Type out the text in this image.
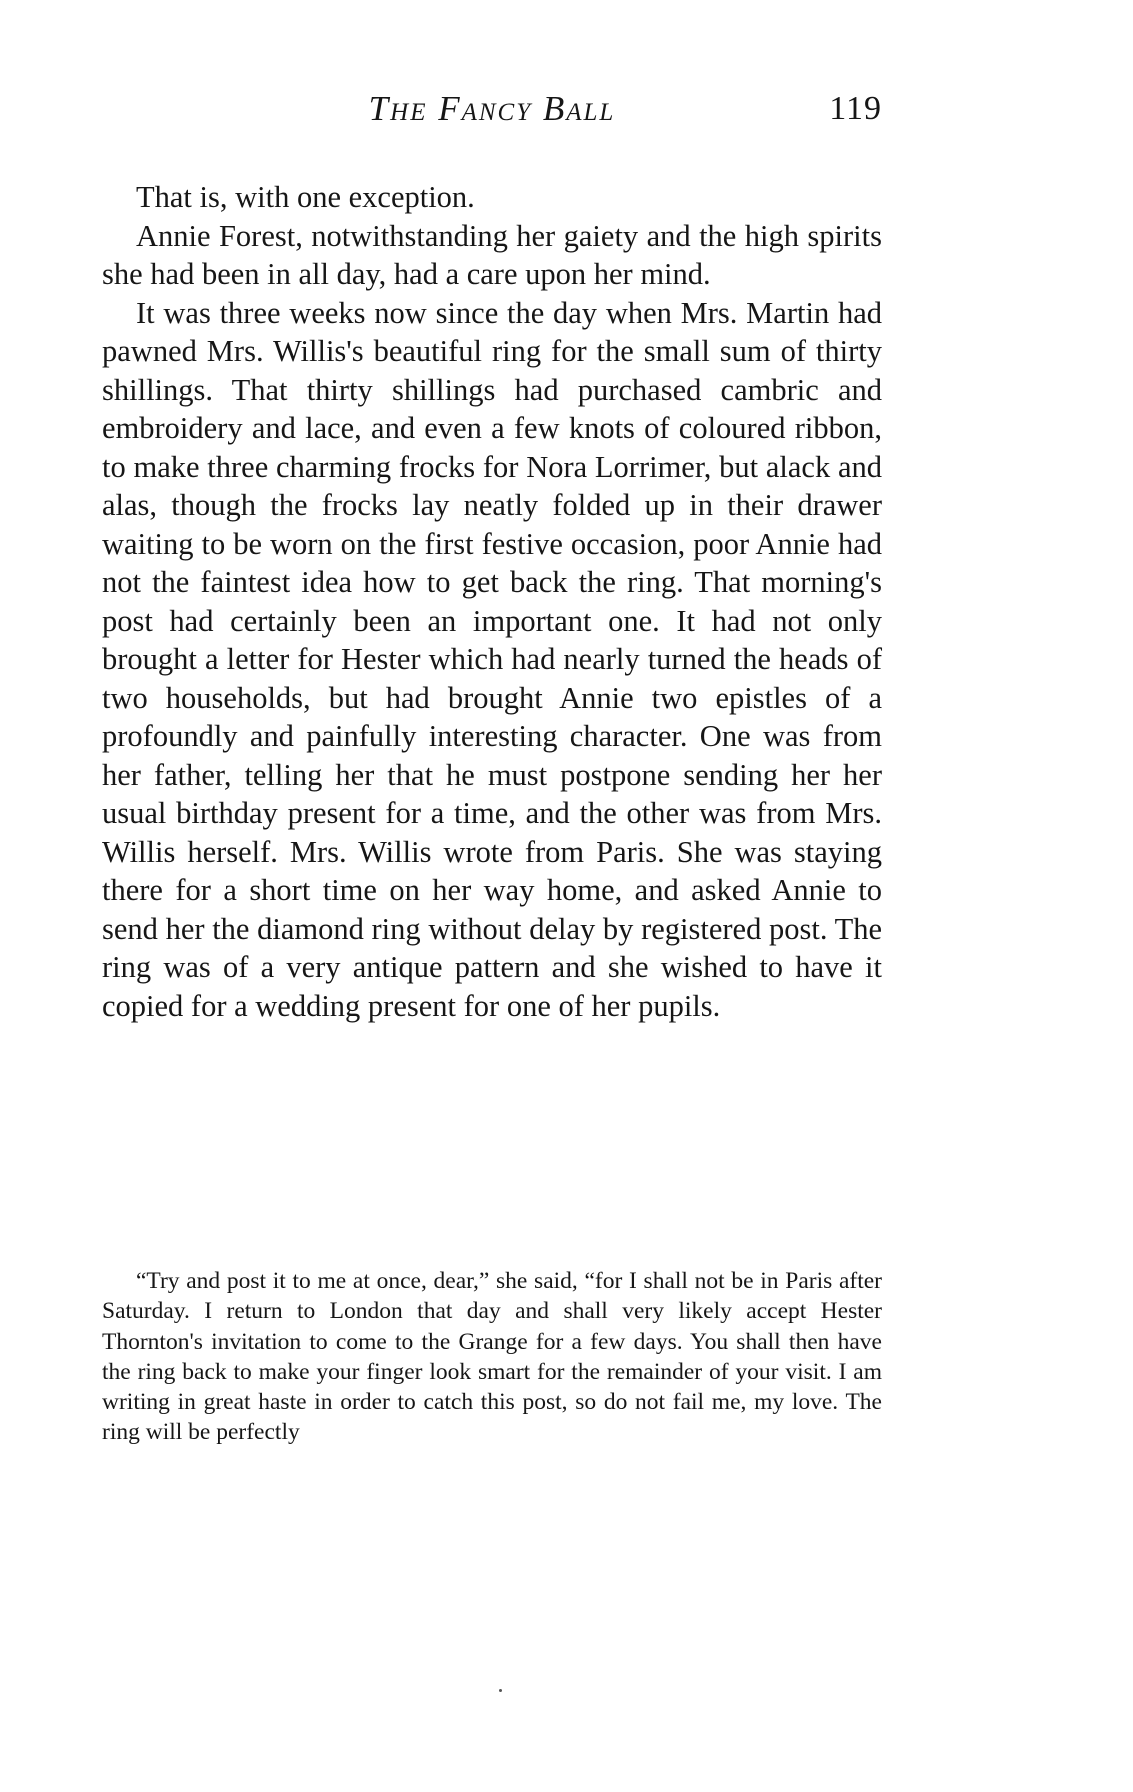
The Fancy Ball	119

That is, with one exception.

Annie Forest, notwithstanding her gaiety and the high spirits she had been in all day, had a care upon her mind.

It was three weeks now since the day when Mrs. Martin had pawned Mrs. Willis's beautiful ring for the small sum of thirty shillings. That thirty shillings had purchased cambric and embroidery and lace, and even a few knots of coloured ribbon, to make three charming frocks for Nora Lorrimer, but alack and alas, though the frocks lay neatly folded up in their drawer waiting to be worn on the first festive occasion, poor Annie had not the faintest idea how to get back the ring. That morning's post had certainly been an important one. It had not only brought a letter for Hester which had nearly turned the heads of two households, but had brought Annie two epistles of a profoundly and painfully interesting character. One was from her father, telling her that he must postpone sending her her usual birthday present for a time, and the other was from Mrs. Willis herself. Mrs. Willis wrote from Paris. She was staying there for a short time on her way home, and asked Annie to send her the diamond ring without delay by registered post. The ring was of a very antique pattern and she wished to have it copied for a wedding present for one of her pupils.

“Try and post it to me at once, dear,” she said, “for I shall not be in Paris after Saturday. I return to London that day and shall very likely accept Hester Thornton's invitation to come to the Grange for a few days. You shall then have the ring back to make your finger look smart for the remainder of your visit. I am writing in great haste in order to catch this post, so do not fail me, my love. The ring will be perfectly
